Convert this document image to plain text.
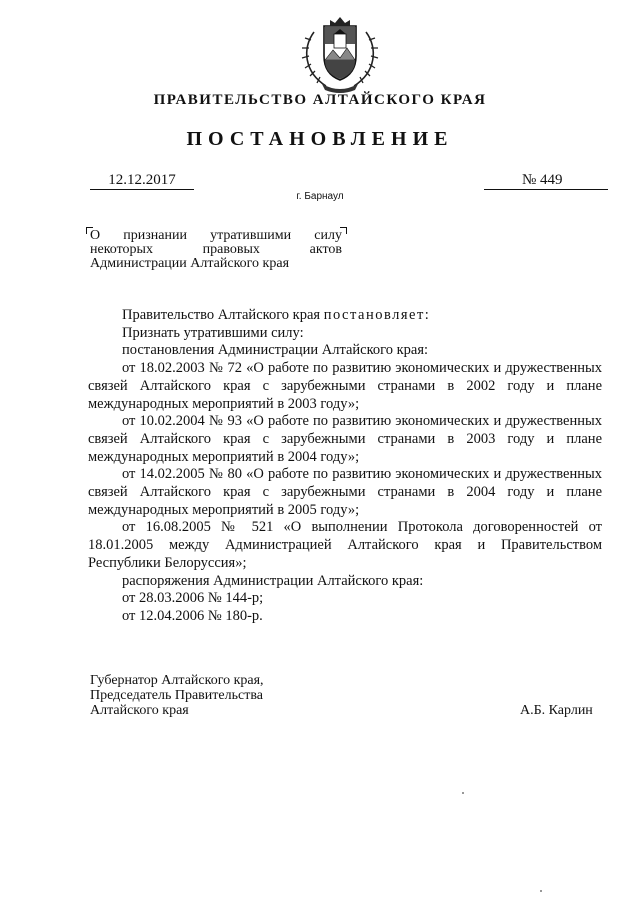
ПРАВИТЕЛЬСТВО АЛТАЙСКОГО КРАЯ
ПОСТАНОВЛЕНИЕ
12.12.2017	№ 449
г. Барнаул
О признании утратившими силу
некоторых правовых актов
Администрации Алтайского края

Правительство Алтайского края постановляет:

Признать утратившими силу:

постановления Администрации Алтайского края:

от 18.02.2003 № 72 «О работе по развитию экономических и дружественных связей Алтайского края с зарубежными странами в 2002 году и плане международных мероприятий в 2003 году»;

от 10.02.2004 № 93 «О работе по развитию экономических и дружественных связей Алтайского края с зарубежными странами в 2003 году и плане международных мероприятий в 2004 году»;

от 14.02.2005 № 80 «О работе по развитию экономических и дружественных связей Алтайского края с зарубежными странами в 2004 году и плане международных мероприятий в 2005 году»;

от 16.08.2005 № 521 «О выполнении Протокола договоренностей от 18.01.2005 между Администрацией Алтайского края и Правительством Республики Белоруссия»;

распоряжения Администрации Алтайского края:

от 28.03.2006 № 144-р;

от 12.04.2006 № 180-р.

Губернатор Алтайского края,
Председатель Правительства
Алтайского края	А.Б. Карлин
